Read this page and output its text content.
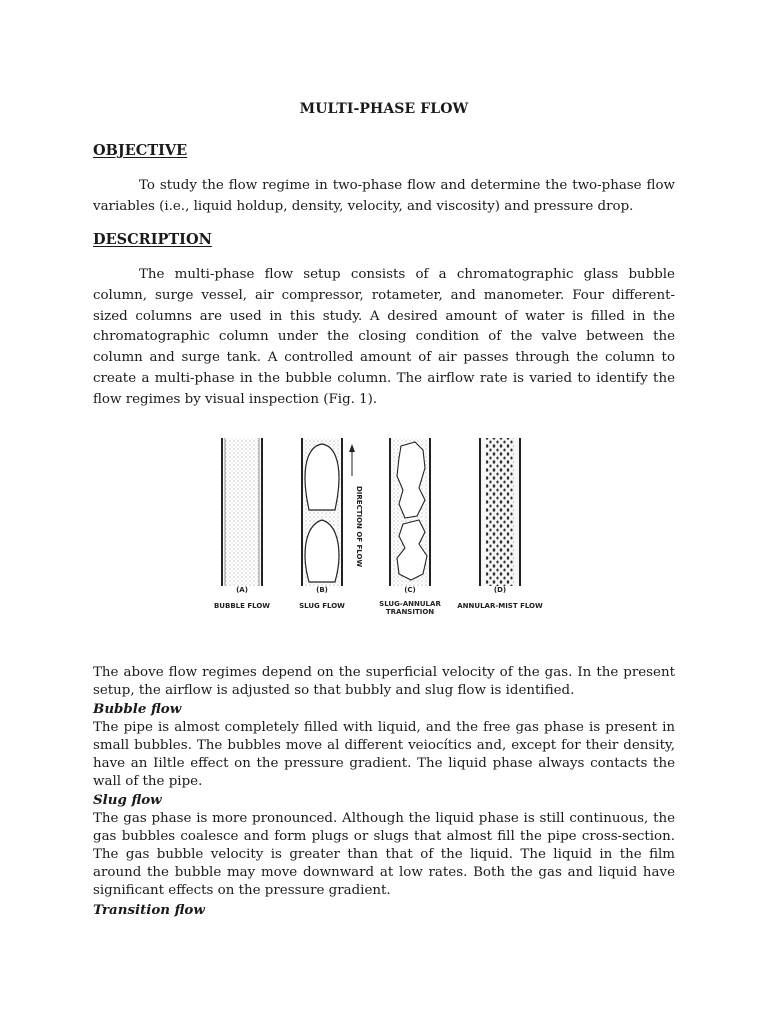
MULTI-PHASE FLOW
OBJECTIVE

To study the flow regime in two-phase flow and determine the two-phase flow variables (i.e., liquid holdup, density, velocity, and viscosity) and pressure drop.

DESCRIPTION

The multi-phase flow setup consists of a chromatographic glass bubble column, surge vessel, air compressor, rotameter, and manometer. Four different-sized columns are used in this study. A desired amount of water is filled in the chromatographic column under the closing condition of the valve between the column and surge tank. A controlled amount of air passes through the column to create a multi-phase in the bubble column. The airflow rate is varied to identify the flow regimes by visual inspection (Fig. 1).

(A)
BUBBLE FLOW
(B)
SLUG FLOW
DIRECTION OF FLOW
(C)
SLUG-ANNULAR
TRANSITION
(D)
ANNULAR-MIST FLOW
The above flow regimes depend on the superficial velocity of the gas. In the present setup, the airflow is adjusted so that bubbly and slug flow is identified.
Bubble flow
The pipe is almost completely filled with liquid, and the free gas phase is present in small bubbles. The bubbles move al different veiocítics and, except for their density, have an Iiltle effect on the pressure gradient. The liquid phase always contacts the wall of the pipe.
Slug flow
The gas phase is more pronounced. Although the liquid phase is still continuous, the gas bubbles coalesce and form plugs or slugs that almost fill the pipe cross-section. The gas bubble velocity is greater than that of the liquid. The liquid in the film around the bubble may move downward at low rates. Both the gas and liquid have significant effects on the pressure gradient.
Transition flow
